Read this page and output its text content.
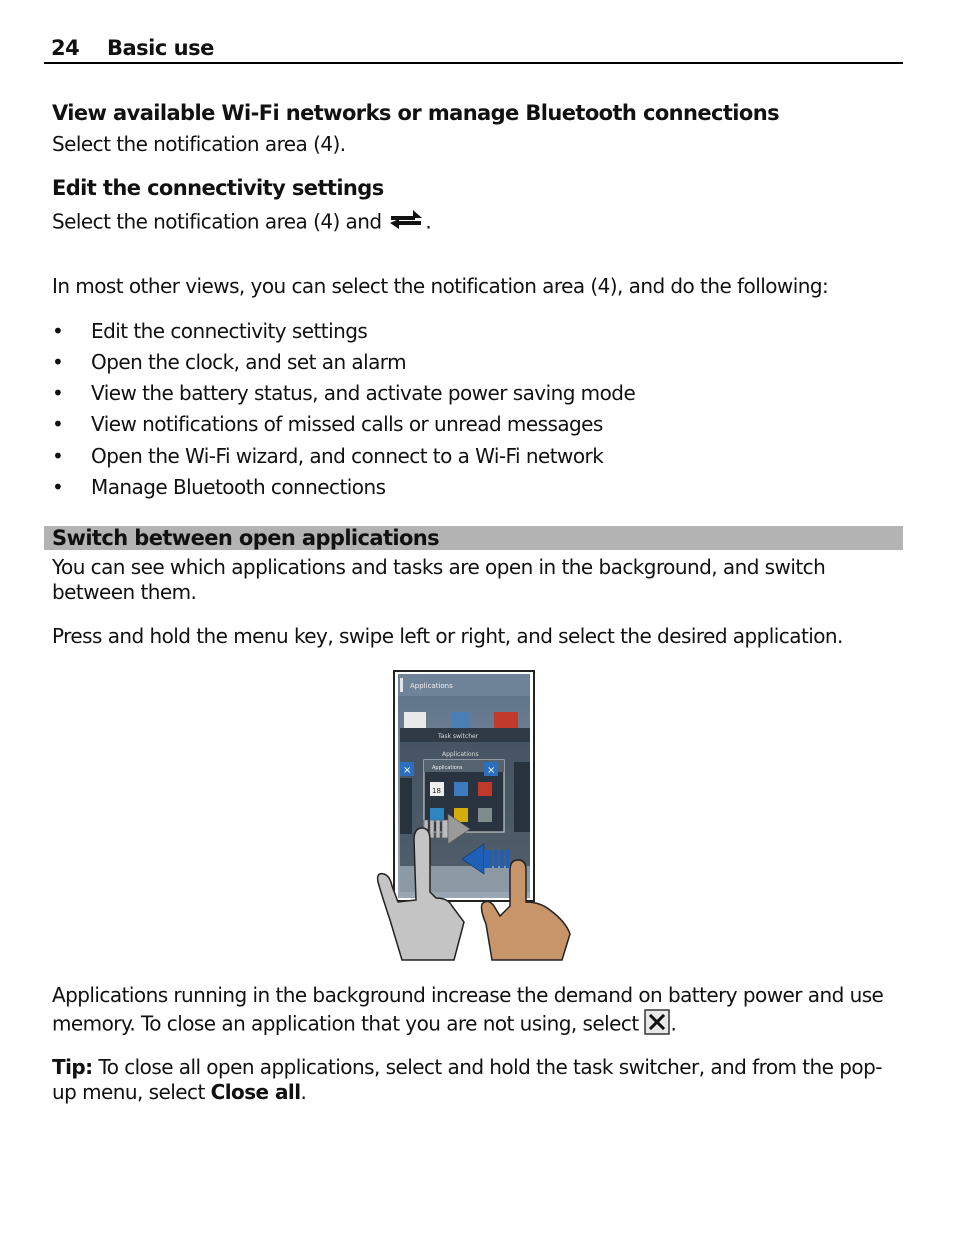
24 Basic use
View available Wi-Fi networks or manage Bluetooth connections
Select the notification area (4).
Edit the connectivity settings
Select the notification area (4) and .
In most other views, you can select the notification area (4), and do the following:
• Edit the connectivity settings
• Open the clock, and set an alarm
• View the battery status, and activate power saving mode
• View notifications of missed calls or unread messages
• Open the Wi-Fi wizard, and connect to a Wi-Fi network
• Manage Bluetooth connections
Switch between open applications
You can see which applications and tasks are open in the background, and switch
between them.
Press and hold the menu key, swipe left or right, and select the desired application.
Applications
Task switcher
Applications
Applications
18
×	×
Applications running in the background increase the demand on battery power and use
memory. To close an application that you are not using, select .
Tip: To close all open applications, select and hold the task switcher, and from the pop-
up menu, select Close all.
